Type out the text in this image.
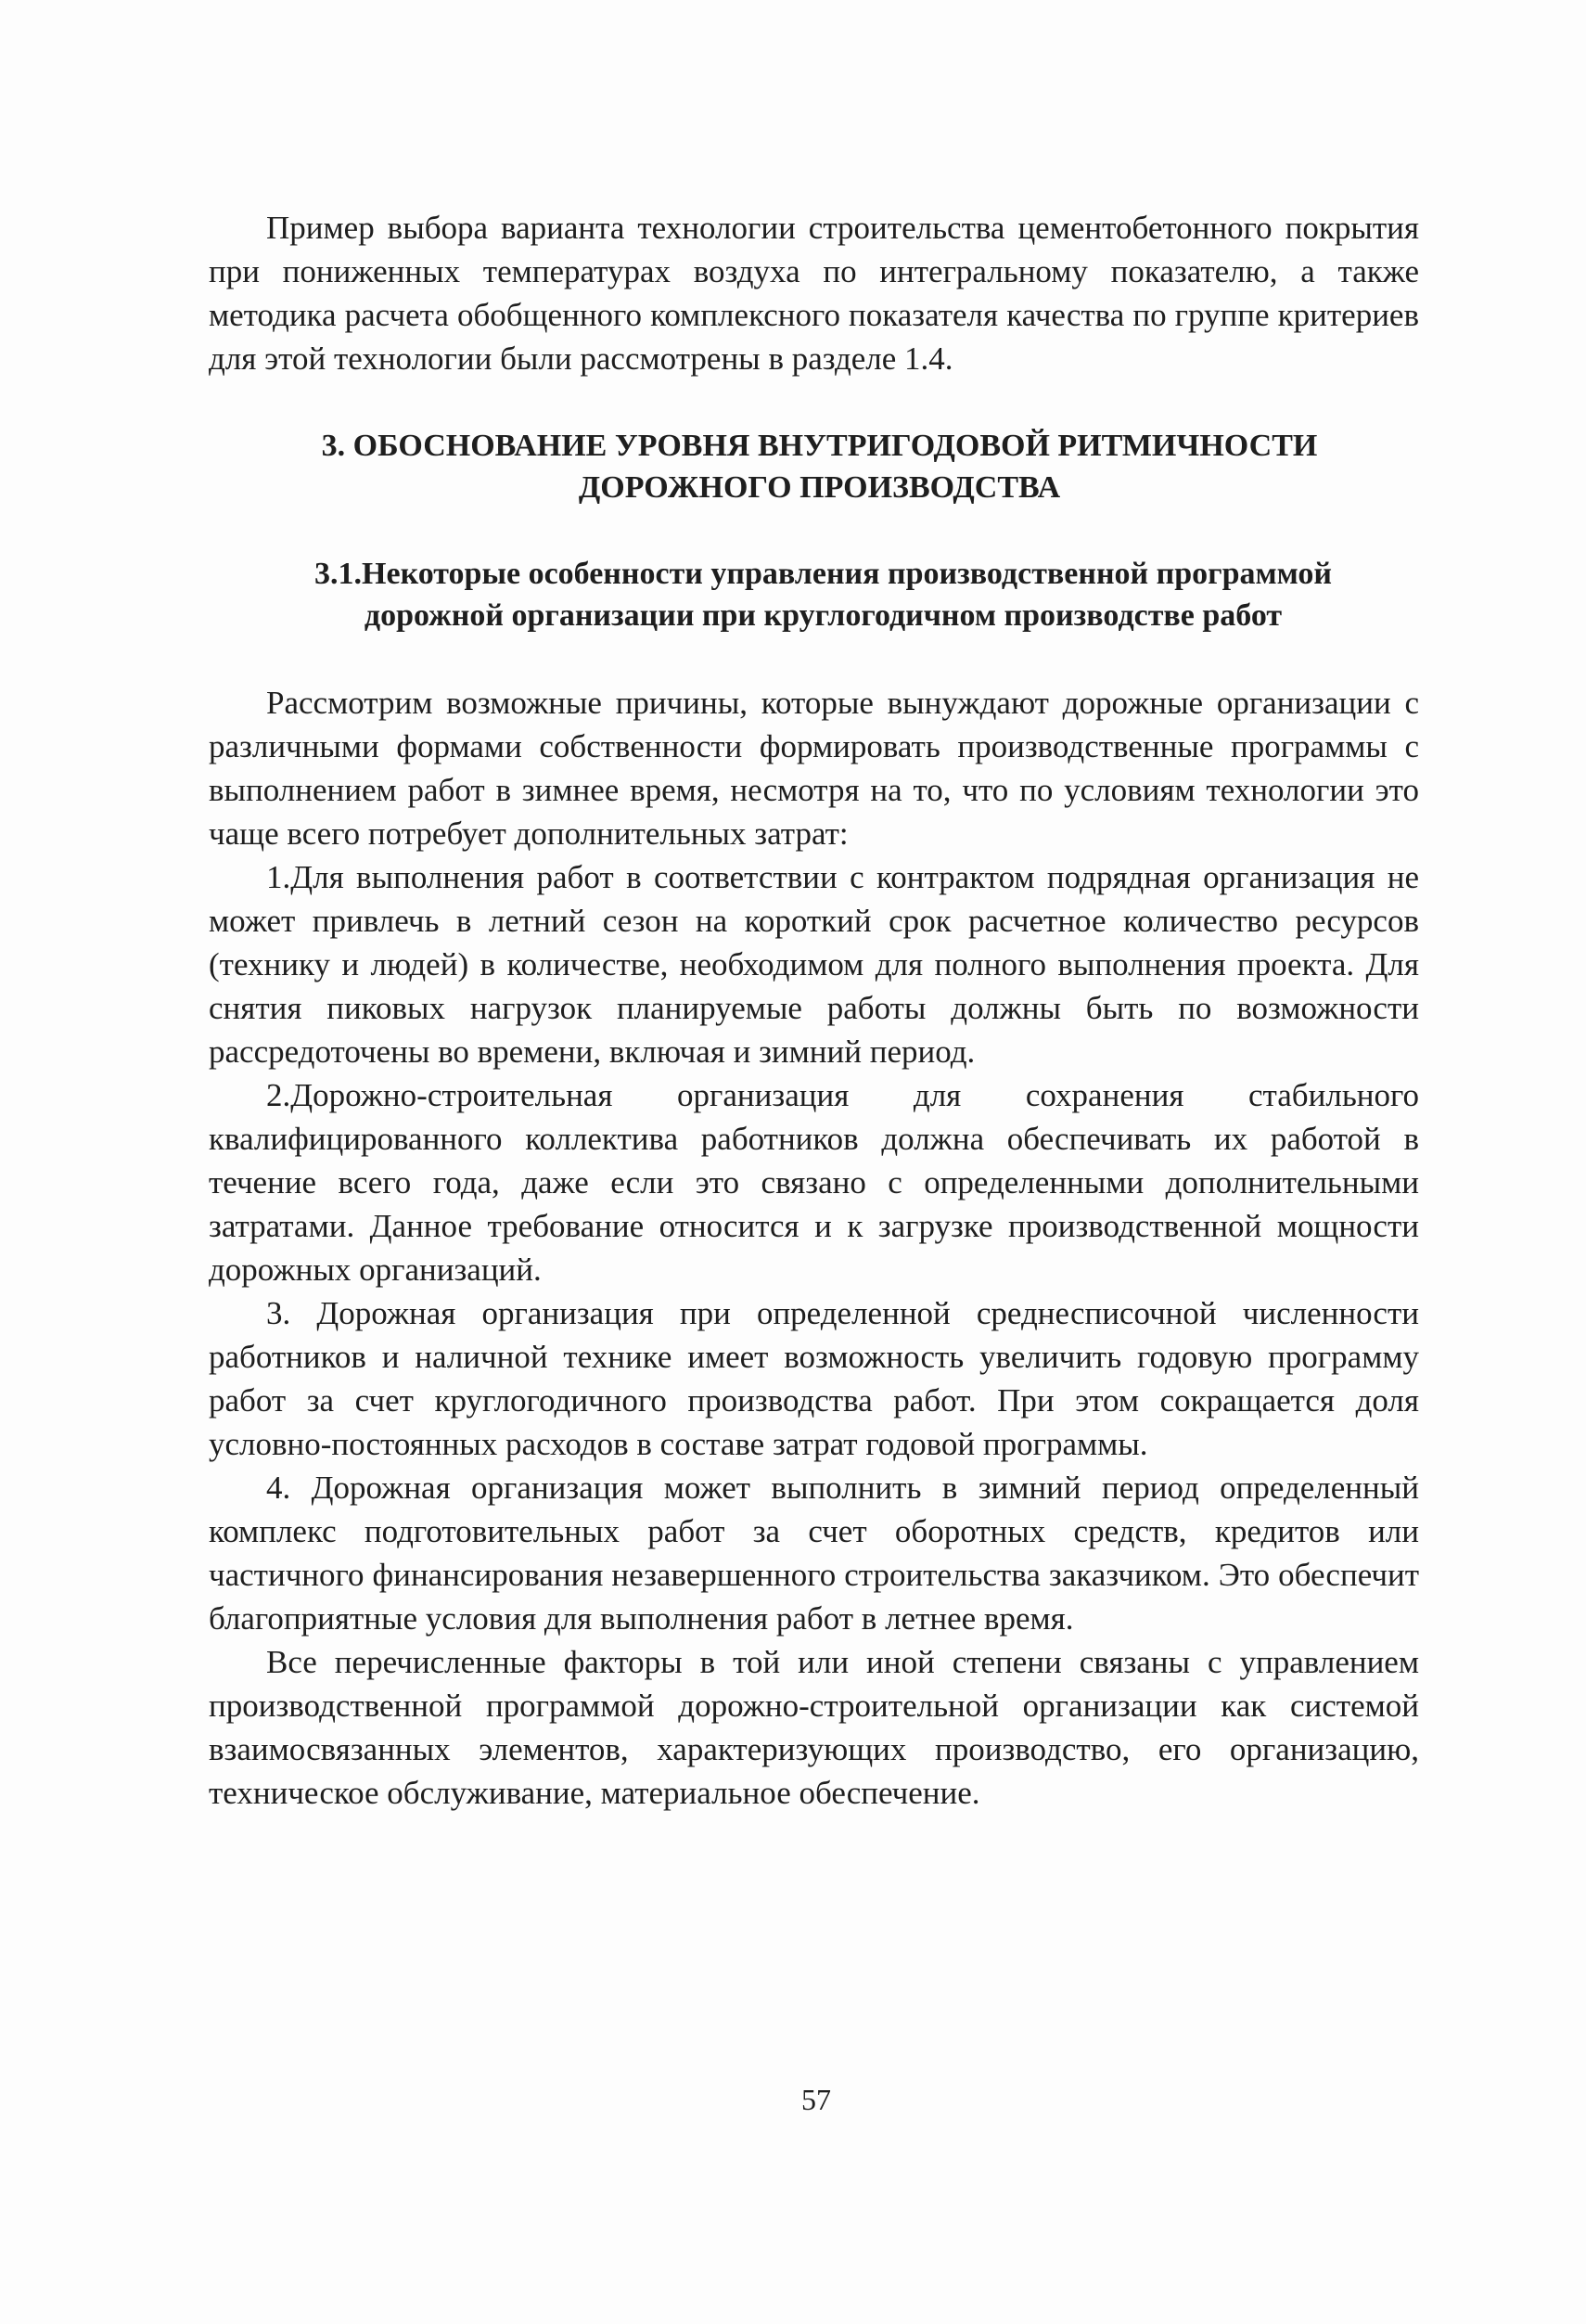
Пример выбора варианта технологии строительства цементобетонного покрытия при пониженных температурах воздуха по интегральному показателю, а также методика расчета обобщенного комплексного показателя качества по группе критериев для этой технологии были рассмотрены в разделе 1.4.

3. ОБОСНОВАНИЕ УРОВНЯ ВНУТРИГОДОВОЙ РИТМИЧНОСТИ ДОРОЖНОГО ПРОИЗВОДСТВА
3.1.Некоторые особенности управления производственной программой дорожной организации при круглогодичном производстве работ

Рассмотрим возможные причины, которые вынуждают дорожные организации с различными формами собственности формировать производственные программы с выполнением работ в зимнее время, несмотря на то, что по условиям технологии это чаще всего потребует дополнительных затрат:

1.Для выполнения работ в соответствии с контрактом подрядная организация не может привлечь в летний сезон на короткий срок расчетное количество ресурсов (технику и людей) в количестве, необходимом для полного выполнения проекта. Для снятия пиковых нагрузок планируемые работы должны быть по возможности рассредоточены во времени, включая и зимний период.

2.Дорожно-строительная организация для сохранения стабильного квалифицированного коллектива работников должна обеспечивать их работой в течение всего года, даже если это связано с определенными дополнительными затратами. Данное требование относится и к загрузке производственной мощности дорожных организаций.

3. Дорожная организация при определенной среднесписочной численности работников и наличной технике имеет возможность увеличить годовую программу работ за счет круглогодичного производства работ. При этом сокращается доля условно-постоянных расходов в составе затрат годовой программы.

4. Дорожная организация может выполнить в зимний период определенный комплекс подготовительных работ за счет оборотных средств, кредитов или частичного финансирования незавершенного строительства заказчиком. Это обеспечит благоприятные условия для выполнения работ в летнее время.

Все перечисленные факторы в той или иной степени связаны с управлением производственной программой дорожно-строительной организации как системой взаимосвязанных элементов, характеризующих производство, его организацию, техническое обслуживание, материальное обеспечение.

57
